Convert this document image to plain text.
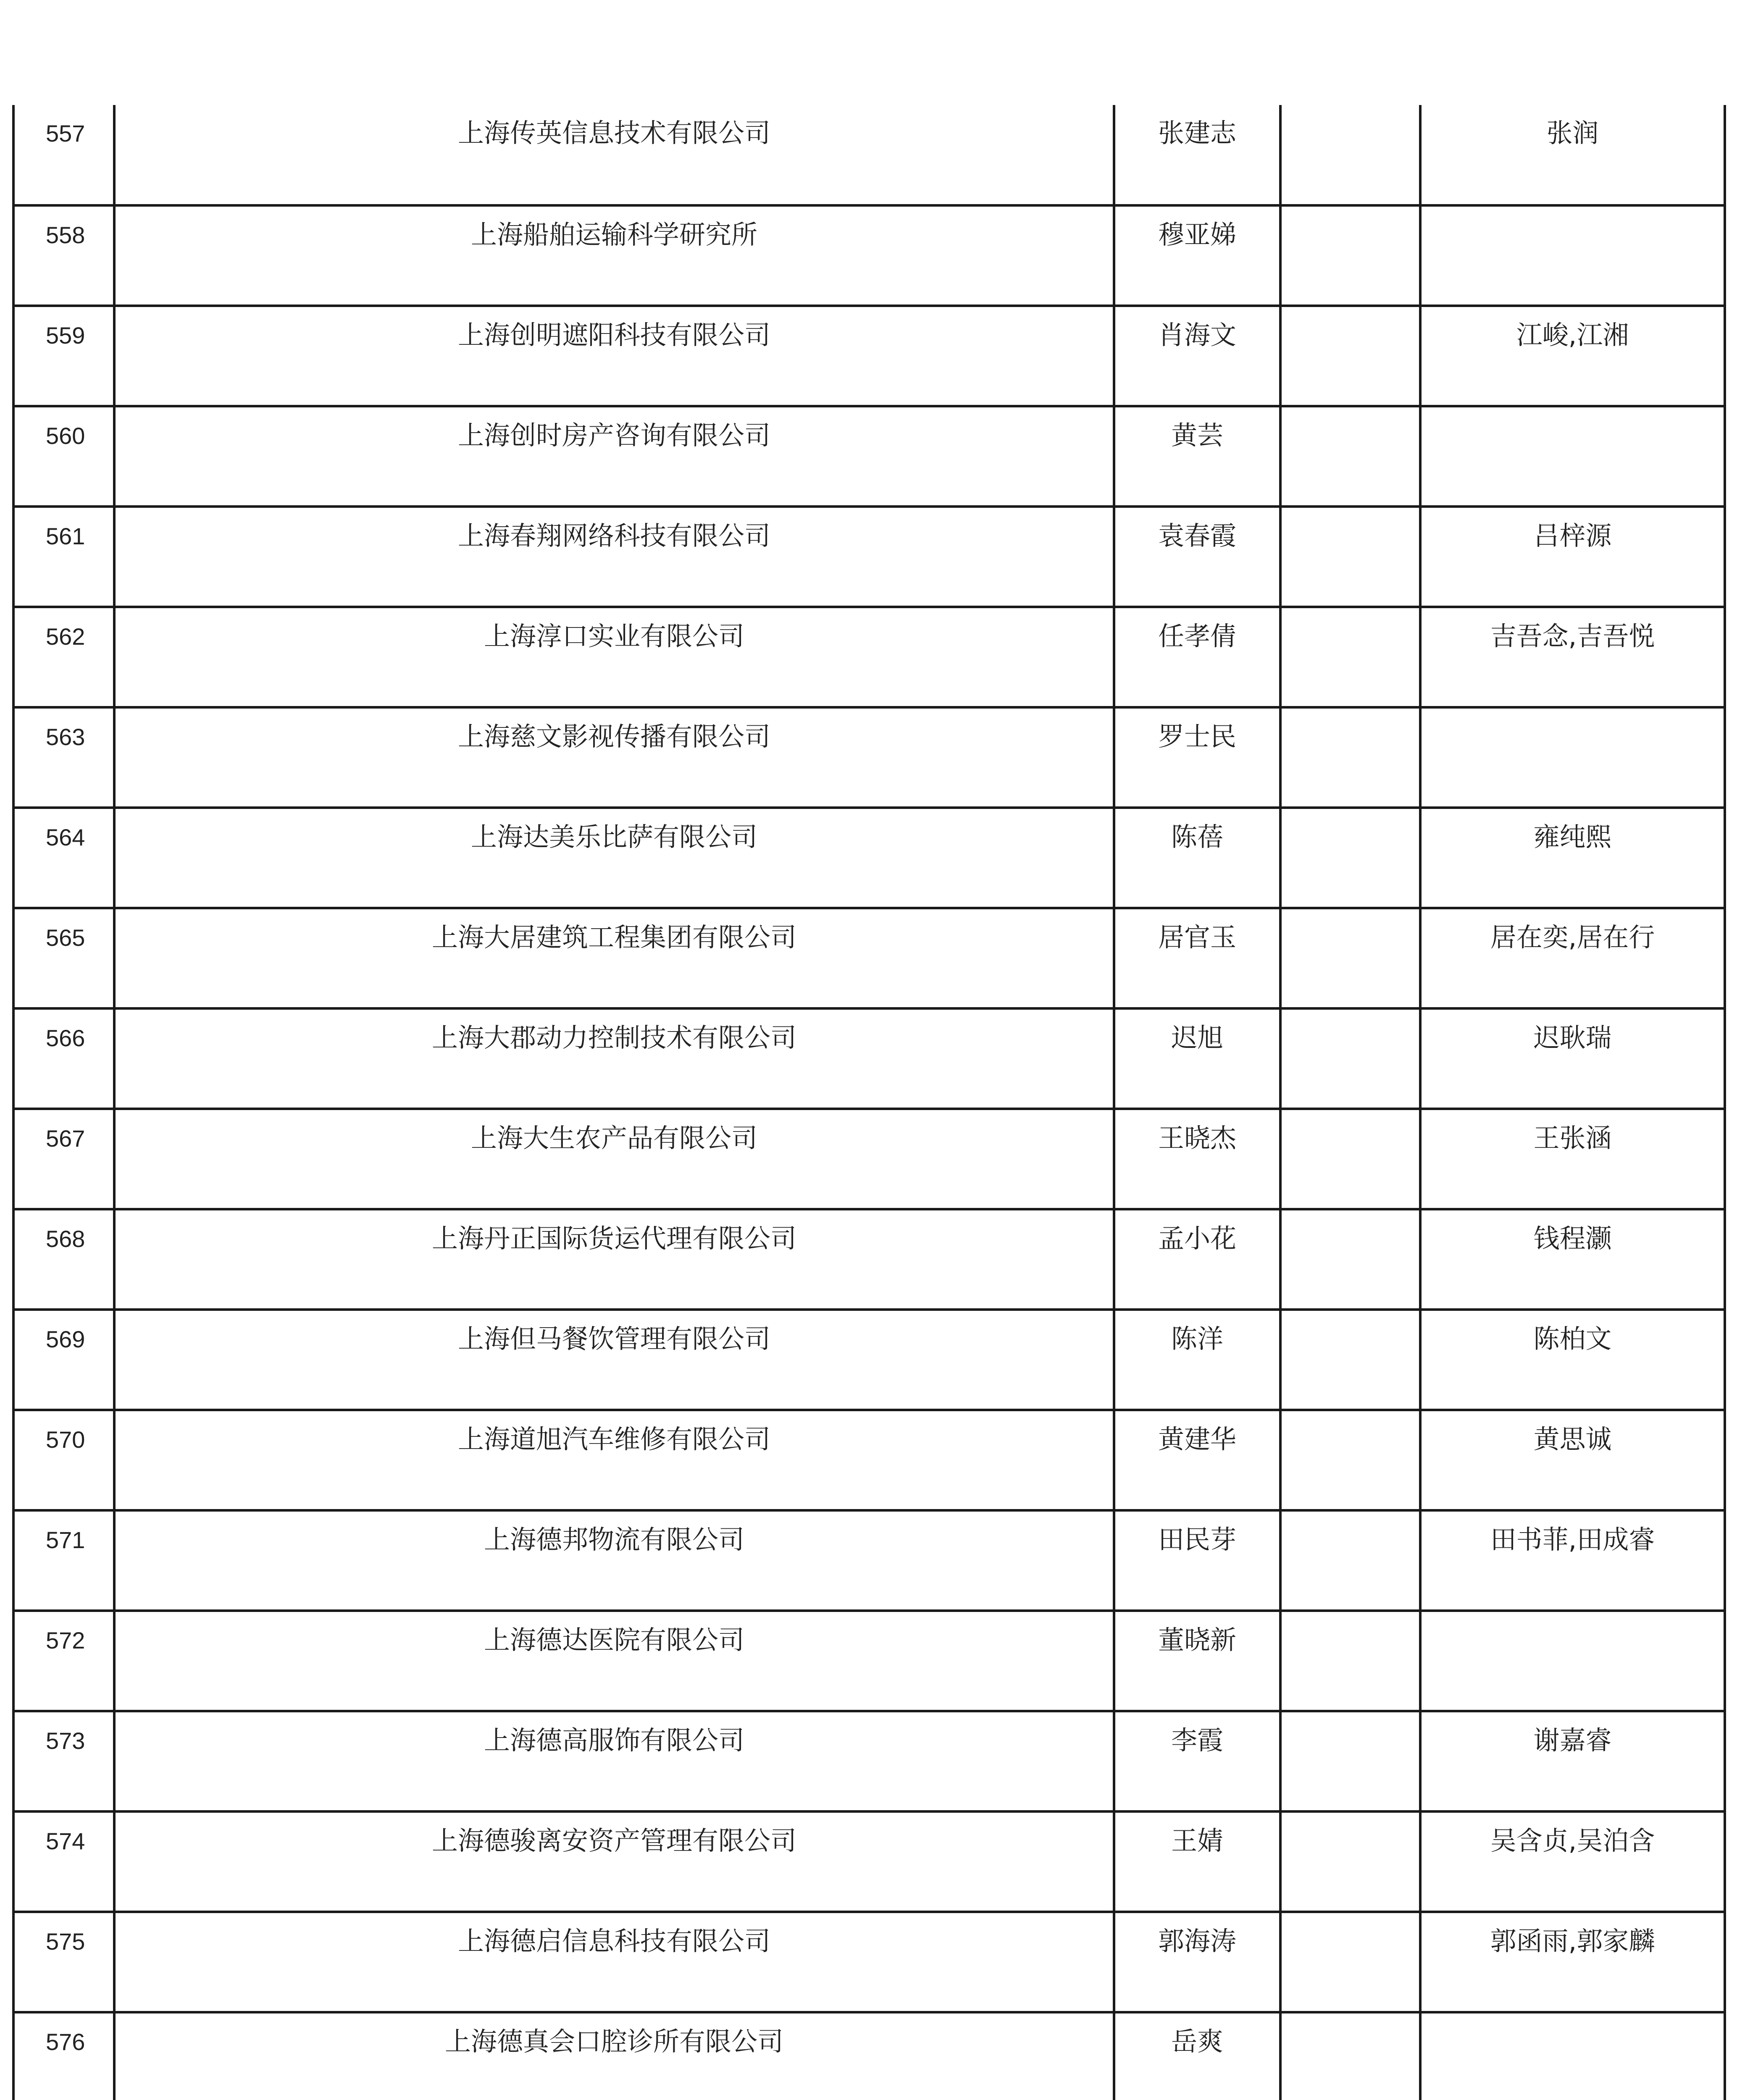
557	上海传英信息技术有限公司	张建志		张润
558	上海船舶运输科学研究所	穆亚娣		
559	上海创明遮阳科技有限公司	肖海文		江峻,江湘
560	上海创时房产咨询有限公司	黄芸		
561	上海春翔网络科技有限公司	袁春霞		吕梓源
562	上海淳口实业有限公司	任孝倩		吉吾念,吉吾悦
563	上海慈文影视传播有限公司	罗士民		
564	上海达美乐比萨有限公司	陈蓓		雍纯熙
565	上海大居建筑工程集团有限公司	居官玉		居在奕,居在行
566	上海大郡动力控制技术有限公司	迟旭		迟耿瑞
567	上海大生农产品有限公司	王晓杰		王张涵
568	上海丹正国际货运代理有限公司	孟小花		钱程灏
569	上海但马餐饮管理有限公司	陈洋		陈柏文
570	上海道旭汽车维修有限公司	黄建华		黄思诚
571	上海德邦物流有限公司	田民芽		田书菲,田成睿
572	上海德达医院有限公司	董晓新		
573	上海德高服饰有限公司	李霞		谢嘉睿
574	上海德骏离安资产管理有限公司	王婧		吴含贞,吴泊含
575	上海德启信息科技有限公司	郭海涛		郭函雨,郭家麟
576	上海德真会口腔诊所有限公司	岳爽		
